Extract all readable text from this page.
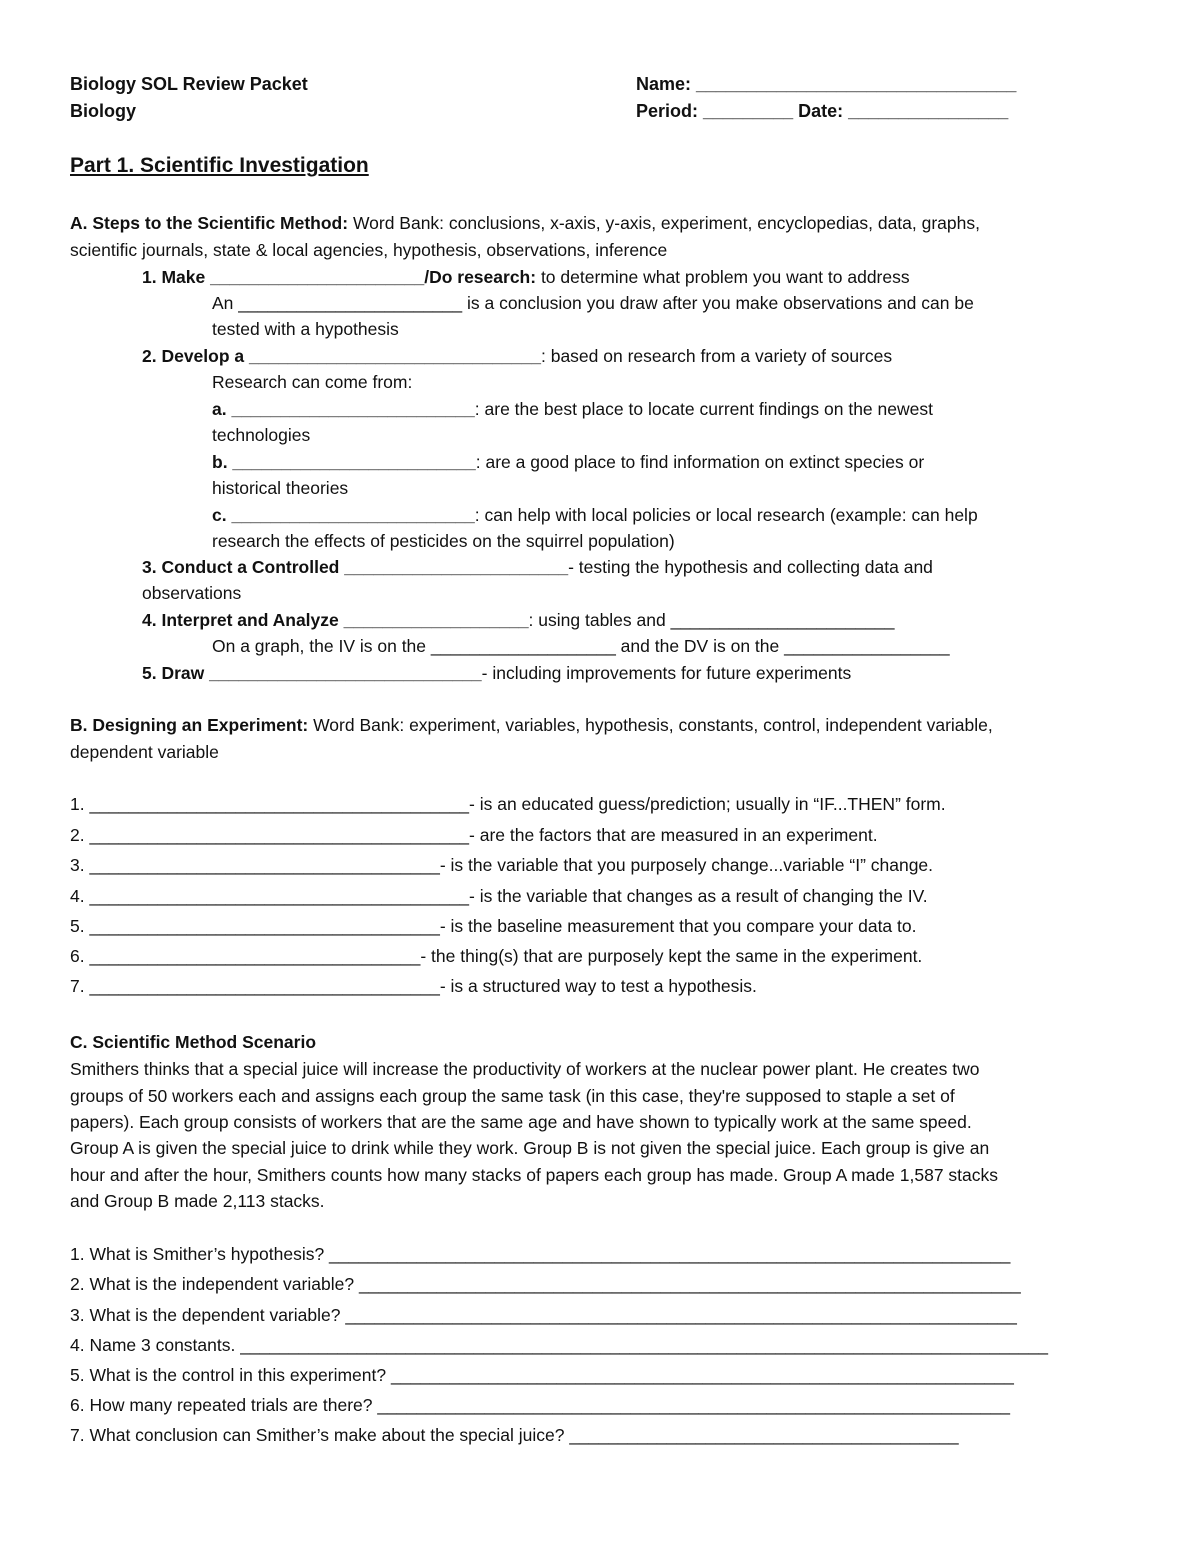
Biology SOL Review Packet
Biology
Name: ________________________________
Period: _________ Date: ________________
Part 1. Scientific Investigation
A. Steps to the Scientific Method: Word Bank: conclusions, x-axis, y-axis, experiment, encyclopedias, data, graphs,
scientific journals, state & local agencies, hypothesis, observations, inference
1. Make ______________________/Do research: to determine what problem you want to address
An _______________________ is a conclusion you draw after you make observations and can be
tested with a hypothesis
2. Develop a ______________________________: based on research from a variety of sources
Research can come from:
a. _________________________: are the best place to locate current findings on the newest
technologies
b. _________________________: are a good place to find information on extinct species or
historical theories
c. _________________________: can help with local policies or local research (example: can help
research the effects of pesticides on the squirrel population)
3. Conduct a Controlled _______________________- testing the hypothesis and collecting data and
observations
4. Interpret and Analyze ___________________: using tables and _______________________
On a graph, the IV is on the ___________________ and the DV is on the _________________
5. Draw ____________________________- including improvements for future experiments
B. Designing an Experiment: Word Bank: experiment, variables, hypothesis, constants, control, independent variable,
dependent variable
1. _______________________________________- is an educated guess/prediction; usually in “IF...THEN” form.
2. _______________________________________- are the factors that are measured in an experiment.
3. ____________________________________- is the variable that you purposely change...variable “I” change.
4. _______________________________________- is the variable that changes as a result of changing the IV.
5. ____________________________________- is the baseline measurement that you compare your data to.
6. __________________________________- the thing(s) that are purposely kept the same in the experiment.
7. ____________________________________- is a structured way to test a hypothesis.
C. Scientific Method Scenario
Smithers thinks that a special juice will increase the productivity of workers at the nuclear power plant. He creates two
groups of 50 workers each and assigns each group the same task (in this case, they're supposed to staple a set of
papers). Each group consists of workers that are the same age and have shown to typically work at the same speed.
Group A is given the special juice to drink while they work. Group B is not given the special juice. Each group is give an
hour and after the hour, Smithers counts how many stacks of papers each group has made. Group A made 1,587 stacks
and Group B made 2,113 stacks.
1. What is Smither’s hypothesis? ______________________________________________________________________
2. What is the independent variable? ____________________________________________________________________
3. What is the dependent variable? _____________________________________________________________________
4. Name 3 constants. ___________________________________________________________________________________
5. What is the control in this experiment? ________________________________________________________________
6. How many repeated trials are there? _________________________________________________________________
7. What conclusion can Smither’s make about the special juice? ________________________________________
